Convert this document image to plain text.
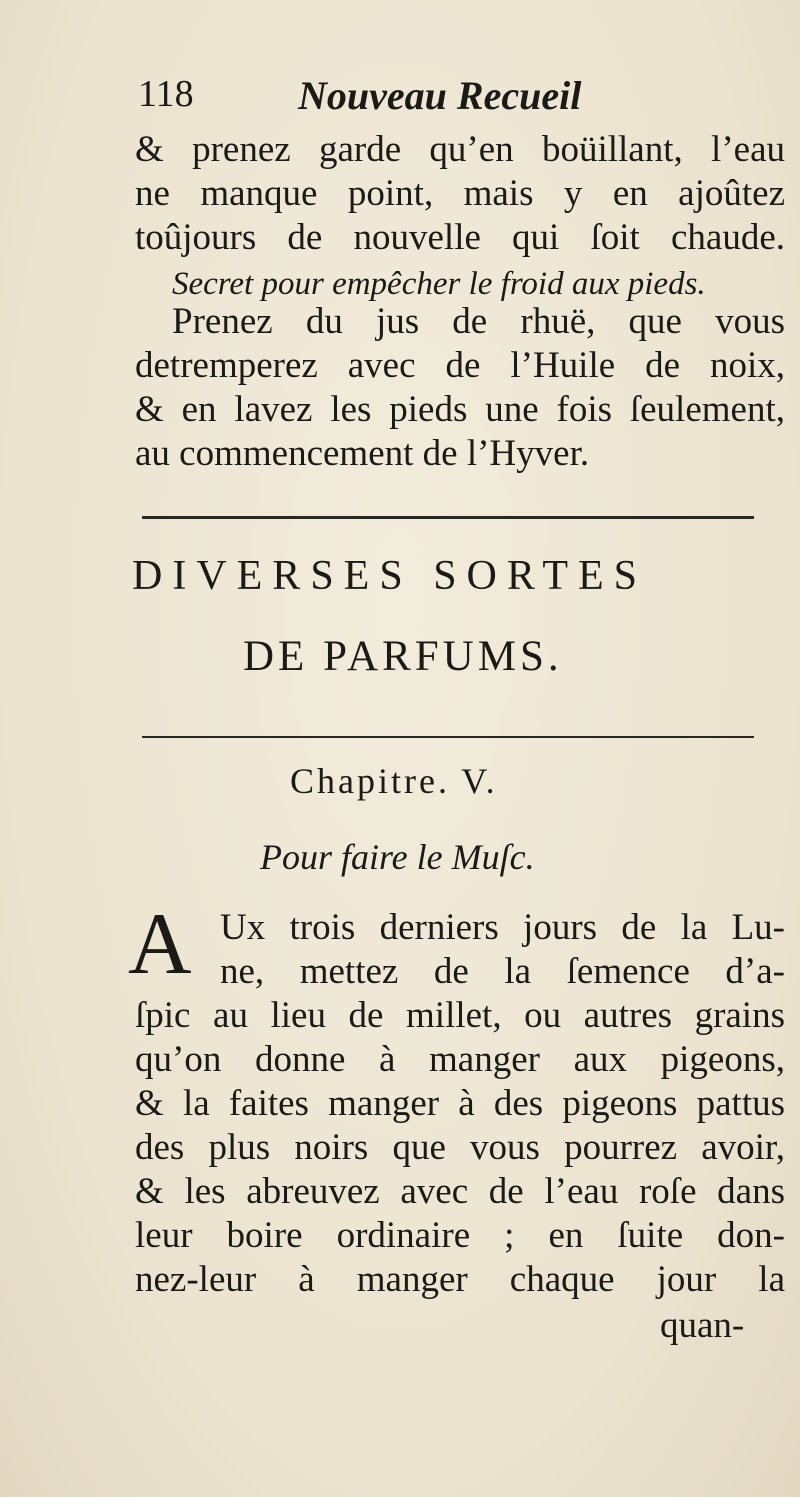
118	Nouveau Recueil
& prenez garde qu’en boüillant, l’eau
ne manque point, mais y en ajoûtez
toûjours de nouvelle qui ſoit chaude.
Secret pour empêcher le froid aux pieds.
Prenez du jus de rhuë, que vous
detremperez avec de l’Huile de noix,
& en lavez les pieds une fois ſeulement,
au commencement de l’Hyver.
DIVERSES SORTES
DE PARFUMS.
Chapitre. V.
Pour faire le Muſc.
A Ux trois derniers jours de la Lu-
ne, mettez de la ſemence d’a-
ſpic au lieu de millet, ou autres grains
qu’on donne à manger aux pigeons,
& la faites manger à des pigeons pattus
des plus noirs que vous pourrez avoir,
& les abreuvez avec de l’eau roſe dans
leur boire ordinaire ; en ſuite don-
nez-leur à manger chaque jour la
quan-
